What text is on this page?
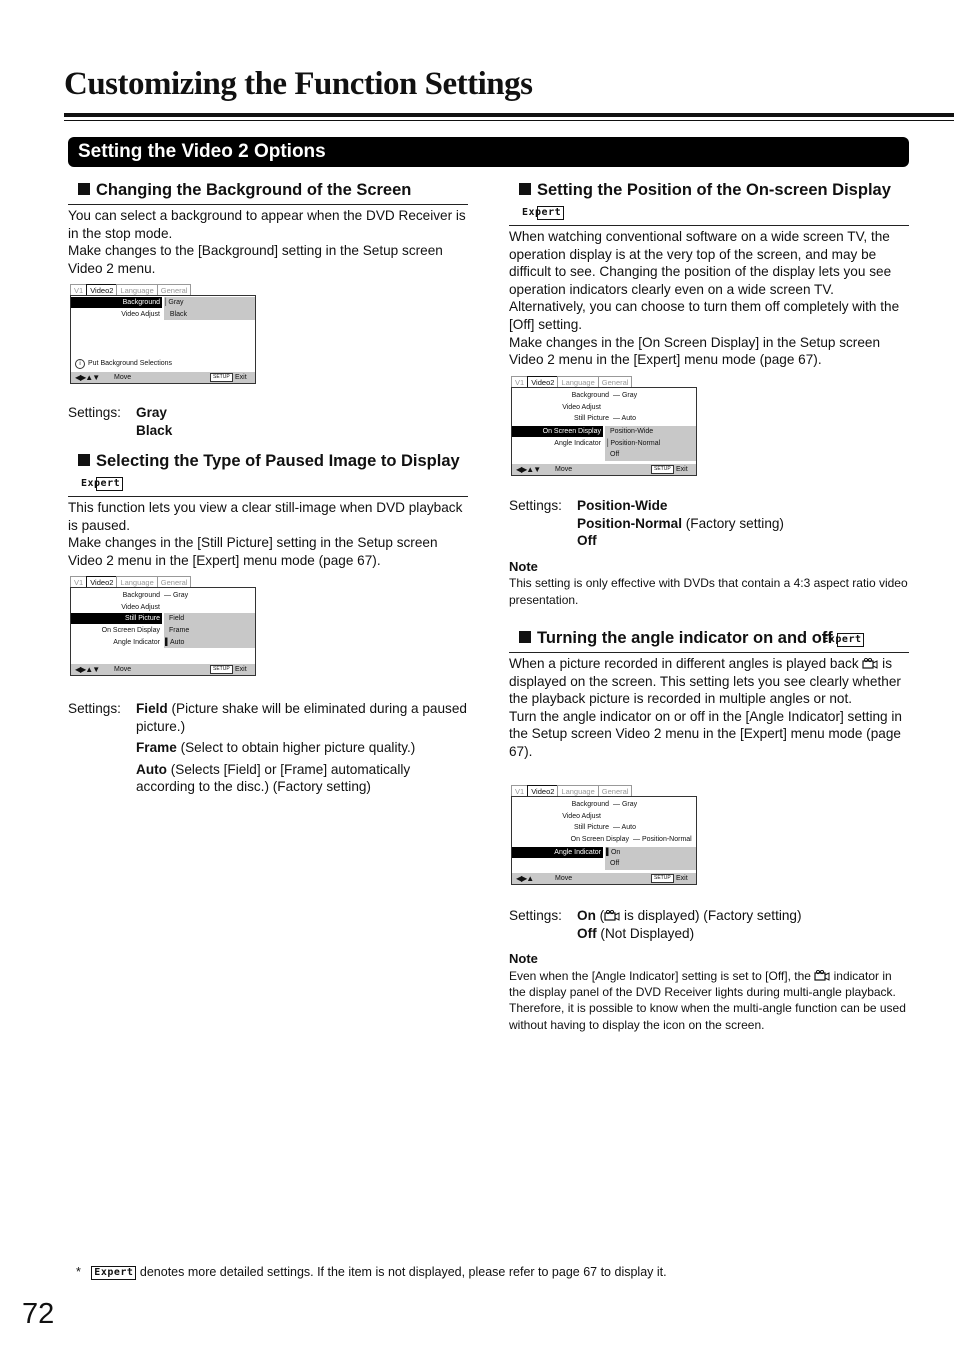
Customizing the Function Settings
Setting the Video 2 Options
Changing the Background of the Screen

You can select a background to appear when the DVD Receiver is in the stop mode.
Make changes to the [Background] setting in the Setup screen Video 2 menu.

V1 Video2 Language General
Background │Gray
Video Adjust	Black
i Put Background Selections
◀▶▲▼ Move	SETUP Exit
Settings: Gray
Black
Selecting the Type of Paused Image to Display Expert

This function lets you view a clear still-image when DVD playback is paused.
Make changes in the [Still Picture] setting in the Setup screen Video 2 menu in the [Expert] menu mode (page 67).

V1 Video2 Language General
Background — Gray
Video Adjust
Still Picture Field
On Screen Display Frame
Angle Indicator ▌Auto
◀▶▲▼ Move	SETUP Exit
Settings: Field (Picture shake will be eliminated during a paused picture.)
Frame (Select to obtain higher picture quality.)
Auto (Selects [Field] or [Frame] automatically according to the disc.) (Factory setting)
Setting the Position of the On-screen Display Expert

When watching conventional software on a wide screen TV, the operation display is at the very top of the screen, and may be difficult to see. Changing the position of the display lets you see operation indicators clearly even on a wide screen TV. Alternatively, you can choose to turn them off completely with the [Off] setting.
Make changes in the [On Screen Display] in the Setup screen Video 2 menu in the [Expert] menu mode (page 67).

V1 Video2 Language General
Background — Gray
Video Adjust
Still Picture — Auto
On Screen Display Position-Wide
Angle Indicator │Position-Normal
Off
◀▶▲▼ Move	SETUP Exit
Settings: Position-Wide
Position-Normal (Factory setting)
Off
Note
This setting is only effective with DVDs that contain a 4:3 aspect ratio video presentation.
Turning the angle indicator on and off Expert

When a picture recorded in different angles is played back  is displayed on the screen. This setting lets you see clearly whether the playback picture is recorded in multiple angles or not.
Turn the angle indicator on or off in the [Angle Indicator] setting in the Setup screen Video 2 menu in the [Expert] menu mode (page 67).

V1 Video2 Language General
Background — Gray
Video Adjust
Still Picture — Auto
On Screen Display — Position-Normal
Angle Indicator ▌On
Off
◀▶▲	Move	SETUP Exit
Settings: On ( is displayed) (Factory setting)
Off (Not Displayed)
Note
Even when the [Angle Indicator] setting is set to [Off], the  indicator in the display panel of the DVD Receiver lights during multi-angle playback. Therefore, it is possible to know when the multi-angle function can be used without having to display the icon on the screen.
* Expert denotes more detailed settings. If the item is not displayed, please refer to page 67 to display it.
72
